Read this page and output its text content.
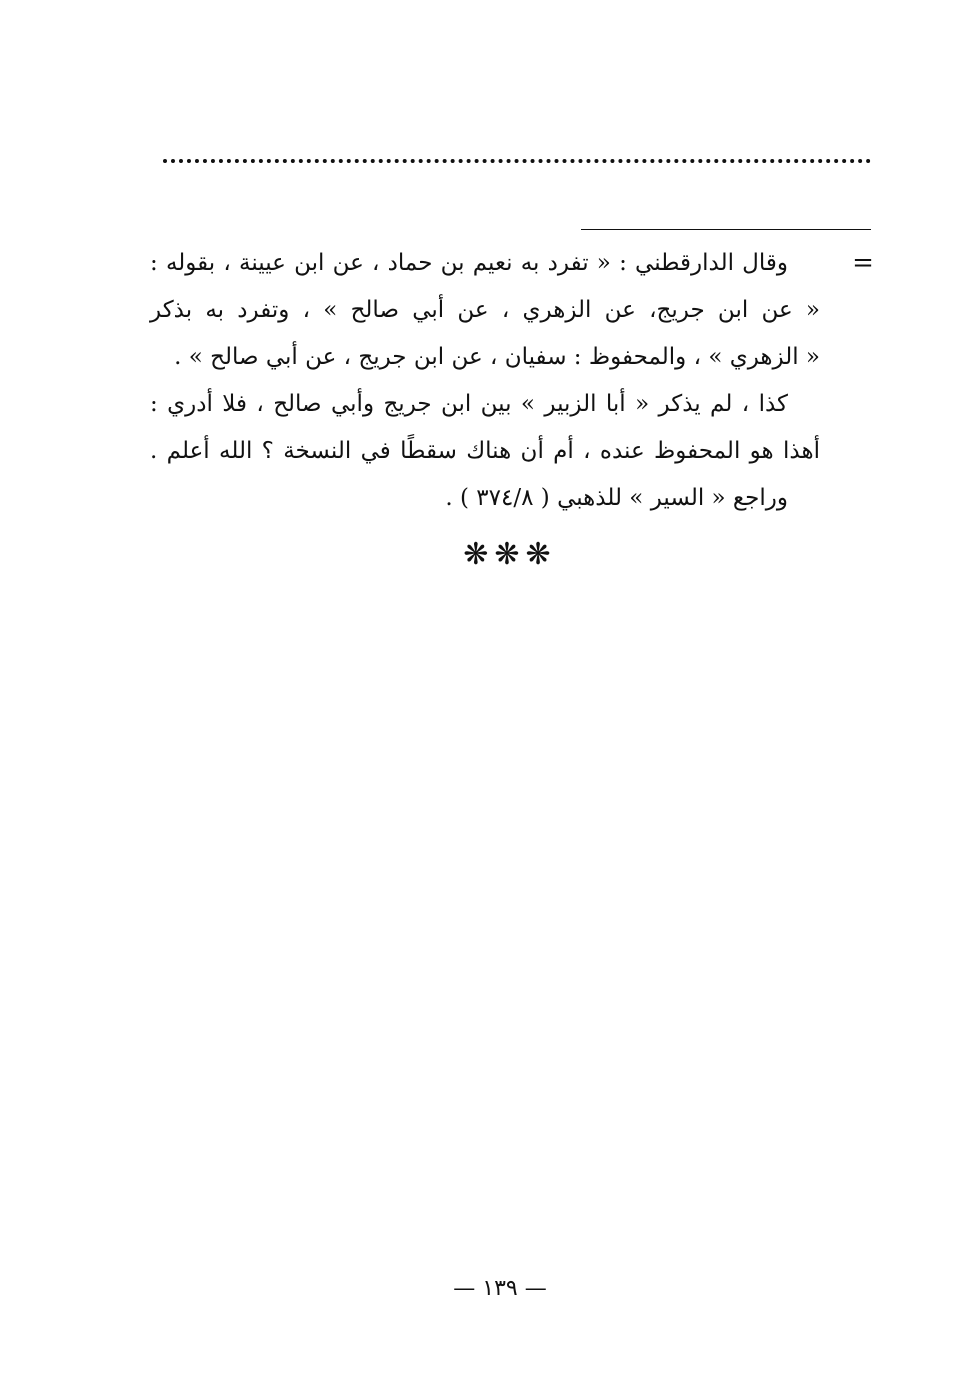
=
وقال الدارقطني : « تفرد به نعيم بن حماد ، عن ابن عيينة ، بقوله :
« عن ابن جريج، عن الزهري ، عن أبي صالح » ، وتفرد به بذكر
« الزهري » ، والمحفوظ : سفيان ، عن ابن جريج ، عن أبي صالح » .
كذا ، لم يذكر « أبا الزبير » بين ابن جريج وأبي صالح ، فلا أدري :
أهذا هو المحفوظ عنده ، أم أن هناك سقطًا في النسخة ؟ الله أعلم .
وراجع « السير » للذهبي ( ٣٧٤/٨ ) .
❋❋❋
— ١٣٩ —
